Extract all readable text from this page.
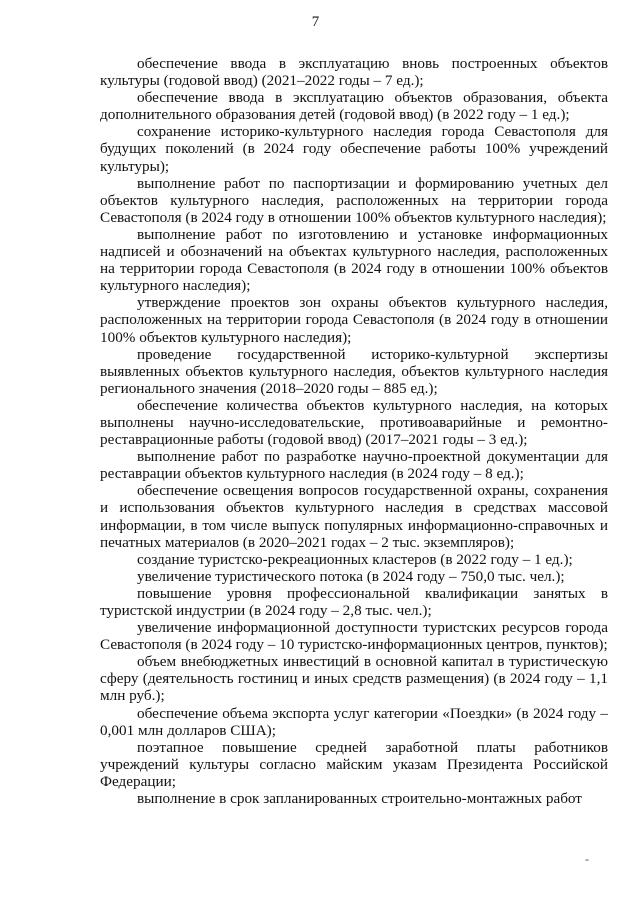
7

обеспечение ввода в эксплуатацию вновь построенных объектов культуры (годовой ввод) (2021–2022 годы – 7 ед.);

обеспечение ввода в эксплуатацию объектов образования, объекта дополнительного образования детей (годовой ввод) (в 2022 году – 1 ед.);

сохранение историко-культурного наследия города Севастополя для будущих поколений (в 2024 году обеспечение работы 100% учреждений культуры);

выполнение работ по паспортизации и формированию учетных дел объектов культурного наследия, расположенных на территории города Севастополя (в 2024 году в отношении 100% объектов культурного наследия);

выполнение работ по изготовлению и установке информационных надписей и обозначений на объектах культурного наследия, расположенных на территории города Севастополя (в 2024 году в отношении 100% объектов культурного наследия);

утверждение проектов зон охраны объектов культурного наследия, расположенных на территории города Севастополя (в 2024 году в отношении 100% объектов культурного наследия);

проведение государственной историко-культурной экспертизы выявленных объектов культурного наследия, объектов культурного наследия регионального значения (2018–2020 годы – 885 ед.);

обеспечение количества объектов культурного наследия, на которых выполнены научно-исследовательские, противоаварийные и ремонтно-реставрационные работы (годовой ввод) (2017–2021 годы – 3 ед.);

выполнение работ по разработке научно-проектной документации для реставрации объектов культурного наследия (в 2024 году – 8 ед.);

обеспечение освещения вопросов государственной охраны, сохранения и использования объектов культурного наследия в средствах массовой информации, в том числе выпуск популярных информационно-справочных и печатных материалов (в 2020–2021 годах – 2 тыс. экземпляров);

создание туристско-рекреационных кластеров (в 2022 году – 1 ед.);

увеличение туристического потока (в 2024 году – 750,0 тыс. чел.);

повышение уровня профессиональной квалификации занятых в туристской индустрии (в 2024 году – 2,8 тыс. чел.);

увеличение информационной доступности туристских ресурсов города Севастополя (в 2024 году – 10 туристско-информационных центров, пунктов);

объем внебюджетных инвестиций в основной капитал в туристическую сферу (деятельность гостиниц и иных средств размещения) (в 2024 году – 1,1 млн руб.);

обеспечение объема экспорта услуг категории «Поездки» (в 2024 году – 0,001 млн долларов США);

поэтапное повышение средней заработной платы работников учреждений культуры согласно майским указам Президента Российской Федерации;

выполнение в срок запланированных строительно-монтажных работ

-
